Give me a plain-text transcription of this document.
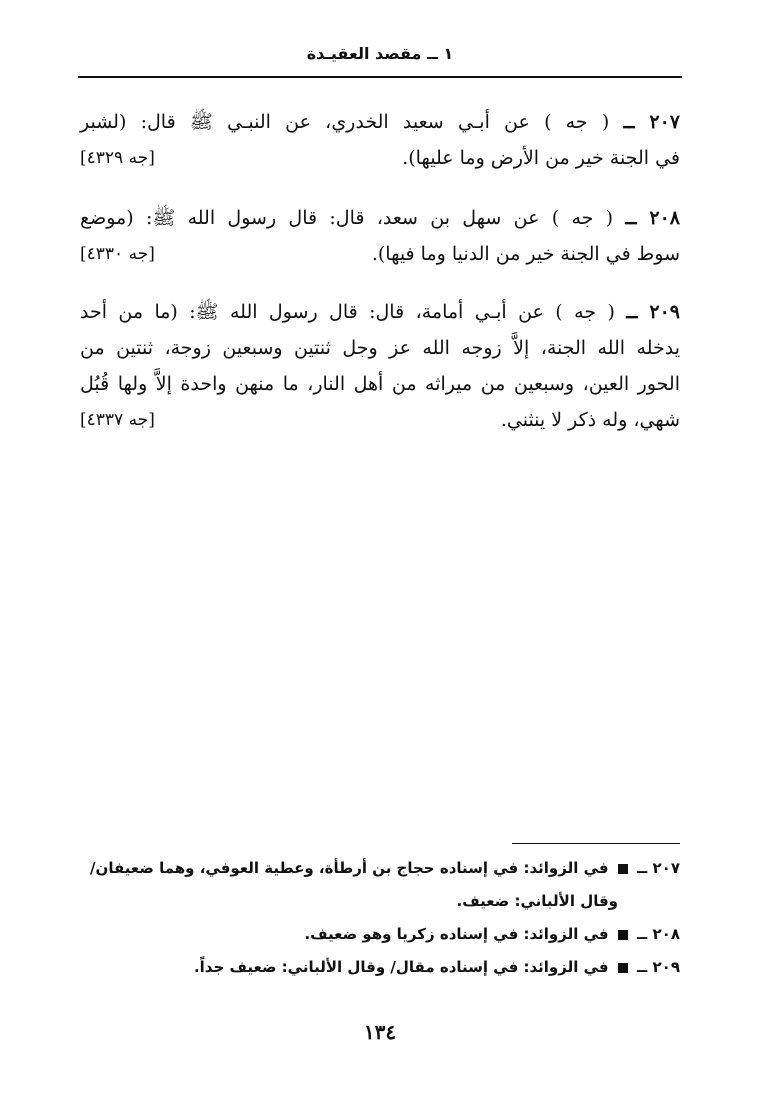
١ ــ مقصد العقيـدة
٢٠٧ ــ ( جه ) عن أبـي سعيد الخدري، عن النبـي ﷺ قال: (لشبر
في الجنة خير من الأرض وما عليها).
[جه ٤٣٢٩]
٢٠٨ ــ ( جه ) عن سهل بن سعد، قال: قال رسول الله ﷺ: (موضع
سوط في الجنة خير من الدنيا وما فيها).
[جه ٤٣٣٠]
٢٠٩ ــ ( جه ) عن أبـي أمامة، قال: قال رسول الله ﷺ: (ما من أحد
يدخله الله الجنة، إلاَّ زوجه الله عز وجل ثنتين وسبعين زوجة، ثنتين من
الحور العين، وسبعين من ميراثه من أهل النار، ما منهن واحدة إلاَّ ولها قُبُل
شهي، وله ذكر لا ينثني.
[جه ٤٣٣٧]
٢٠٧ ــ  في الزوائد: في إسناده حجاج بن أرطأة، وعطية العوفي، وهما ضعيفان/
وقال الألباني: ضعيف.
٢٠٨ ــ  في الزوائد: في إسناده زكريا وهو ضعيف.
٢٠٩ ــ  في الزوائد: في إسناده مقال/ وقال الألباني: ضعيف جداً.
١٣٤
